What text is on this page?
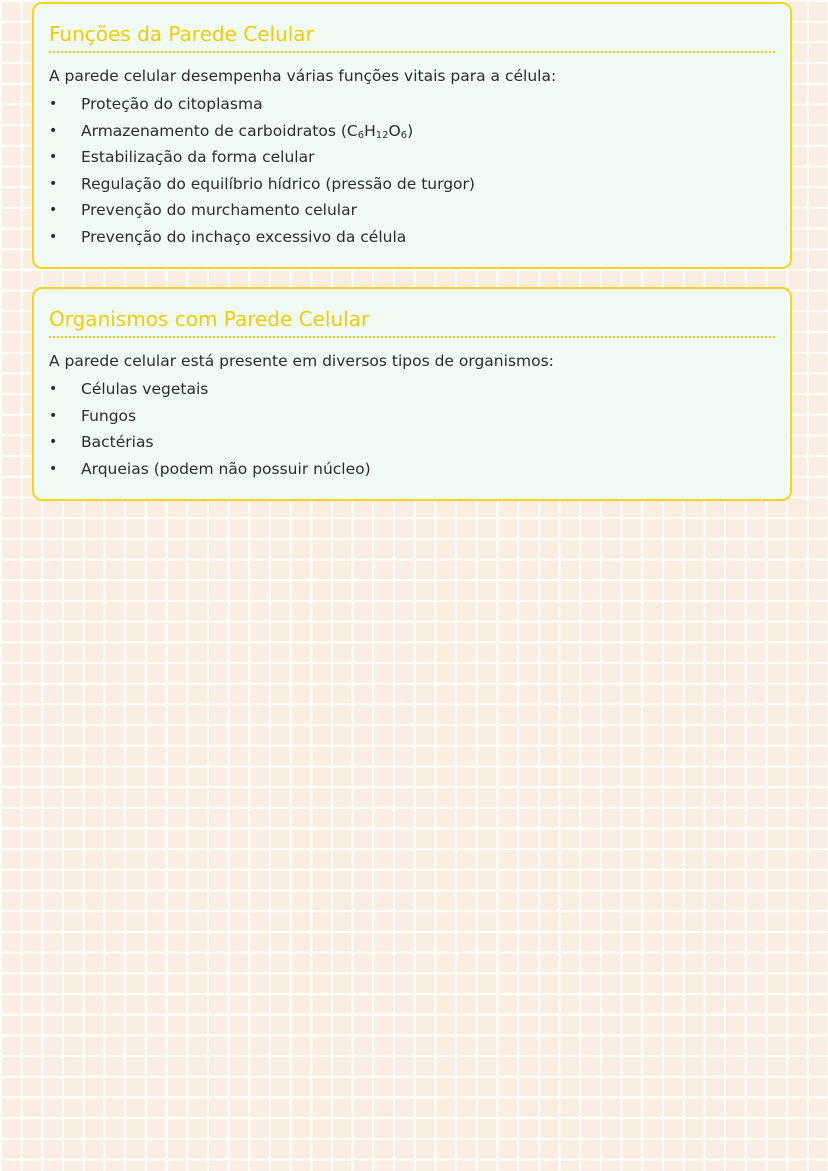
Funções da Parede Celular

A parede celular desempenha várias funções vitais para a célula:

• Proteção do citoplasma
• Armazenamento de carboidratos $(C_6H_{12}O_6)$
• Estabilização da forma celular
• Regulação do equilíbrio hídrico (pressão de turgor)
• Prevenção do murchamento celular
• Prevenção do inchaço excessivo da célula
Organismos com Parede Celular

A parede celular está presente em diversos tipos de organismos:

• Células vegetais
• Fungos
• Bactérias
• Arqueias (podem não possuir núcleo)
